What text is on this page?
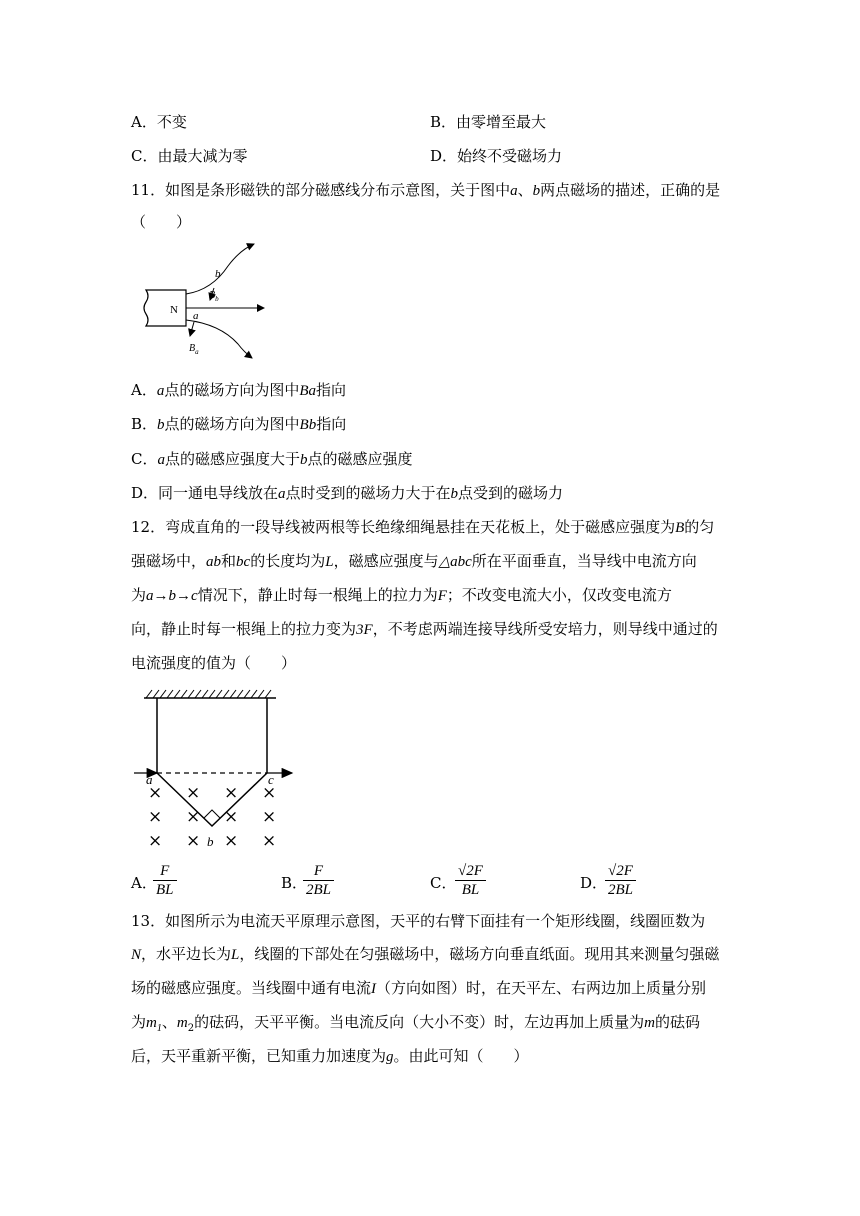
A．不变	B．由零增至最大
C．由最大减为零	D．始终不受磁场力
11．如图是条形磁铁的部分磁感线分布示意图，关于图中a、b两点磁场的描述，正确的是
（　　）
N
b
$B_b$
a
$B_a$
A．a点的磁场方向为图中Ba指向
B．b点的磁场方向为图中Bb指向
C．a点的磁感应强度大于b点的磁感应强度
D．同一通电导线放在a点时受到的磁场力大于在b点受到的磁场力
12．弯成直角的一段导线被两根等长绝缘细绳悬挂在天花板上，处于磁感应强度为B的匀
强磁场中，ab和bc的长度均为L，磁感应强度与△abc所在平面垂直，当导线中电流方向
为a→b→c情况下，静止时每一根绳上的拉力为F；不改变电流大小，仅改变电流方
向，静止时每一根绳上的拉力变为3F，不考虑两端连接导线所受安培力，则导线中通过的
电流强度的值为（　　）
a	c
b
× × × ×
× × × ×
× × × ×
A．
$\frac{F}{BL}$	B．
$\frac{F}{2BL}$	C．
$\frac{√2F}{BL}$	D．
$\frac{√2F}{2BL}$
13．如图所示为电流天平原理示意图，天平的右臂下面挂有一个矩形线圈，线圈匝数为
N，水平边长为L，线圈的下部处在匀强磁场中，磁场方向垂直纸面。现用其来测量匀强磁
场的磁感应强度。当线圈中通有电流I（方向如图）时，在天平左、右两边加上质量分别
为$m_1$、$m_2$的砝码，天平平衡。当电流反向（大小不变）时，左边再加上质量为m的砝码
后，天平重新平衡，已知重力加速度为g。由此可知（　　）
